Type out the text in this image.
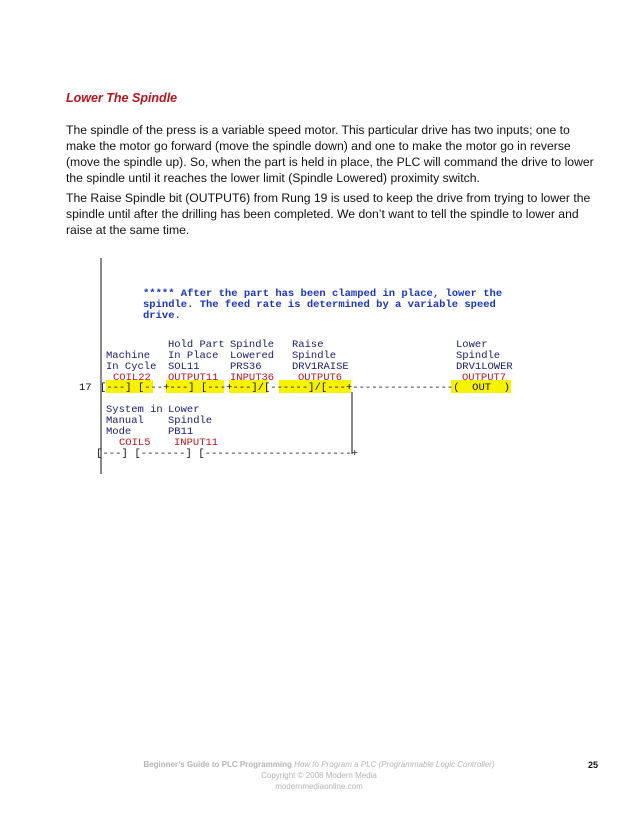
Lower The Spindle

The spindle of the press is a variable speed motor. This particular drive has two inputs; one to make the motor go forward (move the spindle down) and one to make the motor go in reverse (move the spindle up). So, when the part is held in place, the PLC will command the drive to lower the spindle until it reaches the lower limit (Spindle Lowered) proximity switch.

The Raise Spindle bit (OUTPUT6) from Rung 19 is used to keep the drive from trying to lower the spindle until after the drilling has been completed. We don’t want to tell the spindle to lower and raise at the same time.

***** After the part has been clamped in place, lower the
spindle. The feed rate is determined by a variable speed
drive.
Machine
In Cycle
COIL22
Hold Part
In Place
SOL11
OUTPUT11
Spindle
Lowered
PRS36
INPUT36
Raise
Spindle
DRV1RAISE
OUTPUT6
Lower
Spindle
DRV1LOWER
OUTPUT7
17 [---] [---+---] [---+---]/[------]/[---+----------------(  OUT  )
System in
Manual
Mode
COIL5
Lower
Spindle
PB11
INPUT11
[---] [-------] [-----------------------+
Beginner’s Guide to PLC Programming How to Program a PLC (Programmable Logic Controller)
Copyright © 2008 Modern Media
modernmediaonline.com
25
